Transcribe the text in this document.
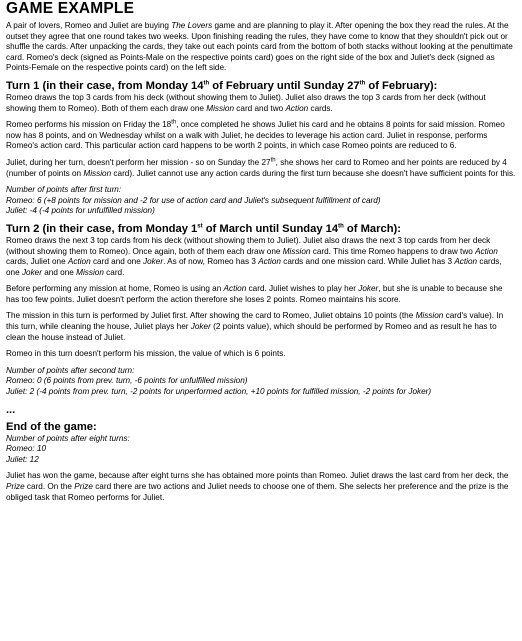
GAME EXAMPLE

A pair of lovers, Romeo and Juliet are buying The Lovers game and are planning to play it. After opening the box they read the rules. At the outset they agree that one round takes two weeks. Upon finishing reading the rules, they have come to know that they shouldn't pick out or shuffle the cards. After unpacking the cards, they take out each points card from the bottom of both stacks without looking at the penultimate card. Romeo's deck (signed as Points-Male on the respective points card) goes on the right side of the box and Juliet's deck (signed as Points-Female on the respective points card) on the left side.

Turn 1 (in their case, from Monday 14th of February until Sunday 27th of February):

Romeo draws the top 3 cards from his deck (without showing them to Juliet). Juliet also draws the top 3 cards from her deck (without showing them to Romeo). Both of them each draw one Mission card and two Action cards.

Romeo performs his mission on Friday the 18th, once completed he shows Juliet his card and he obtains 8 points for said mission. Romeo now has 8 points, and on Wednesday whilst on a walk with Juliet, he decides to leverage his action card. Juliet in response, performs Romeo's action card. This particular action card happens to be worth 2 points, in which case Romeo points are reduced to 6.

Juliet, during her turn, doesn't perform her mission - so on Sunday the 27th, she shows her card to Romeo and her points are reduced by 4 (number of points on Mission card). Juliet cannot use any action cards during the first turn because she doesn't have sufficient points for this.

Number of points after first turn:

Romeo: 6 (+8 points for mission and -2 for use of action card and Juliet's subsequent fulfillment of card)

Juliet: -4 (-4 points for unfulfilled mission)

Turn 2 (in their case, from Monday 1st of March until Sunday 14th of March):

Romeo draws the next 3 top cards from his deck (without showing them to Juliet). Juliet also draws the next 3 top cards from her deck (without showing them to Romeo). Once again, both of them each draw one Mission card. This time Romeo happens to draw two Action cards, Juliet one Action card and one Joker. As of now, Romeo has 3 Action cards and one mission card. While Juliet has 3 Action cards, one Joker and one Mission card.

Before performing any mission at home, Romeo is using an Action card. Juliet wishes to play her Joker, but she is unable to because she has too few points. Juliet doesn't perform the action therefore she loses 2 points. Romeo maintains his score.

The mission in this turn is performed by Juliet first. After showing the card to Romeo, Juliet obtains 10 points (the Mission card's value). In this turn, while cleaning the house, Juliet plays her Joker (2 points value), which should be performed by Romeo and as result he has to clean the house instead of Juliet.

Romeo in this turn doesn't perform his mission, the value of which is 6 points.

Number of points after second turn:

Romeo: 0 (6 points from prev. turn, -6 points for unfulfilled mission)

Juliet: 2 (-4 points from prev. turn, -2 points for unperformed action, +10 points for fulfilled mission, -2 points for Joker)

...
End of the game:

Number of points after eight turns:

Romeo: 10

Juliet: 12

Juliet has won the game, because after eight turns she has obtained more points than Romeo. Juliet draws the last card from her deck, the Prize card. On the Prize card there are two actions and Juliet needs to choose one of them. She selects her preference and the prize is the obliged task that Romeo performs for Juliet.
